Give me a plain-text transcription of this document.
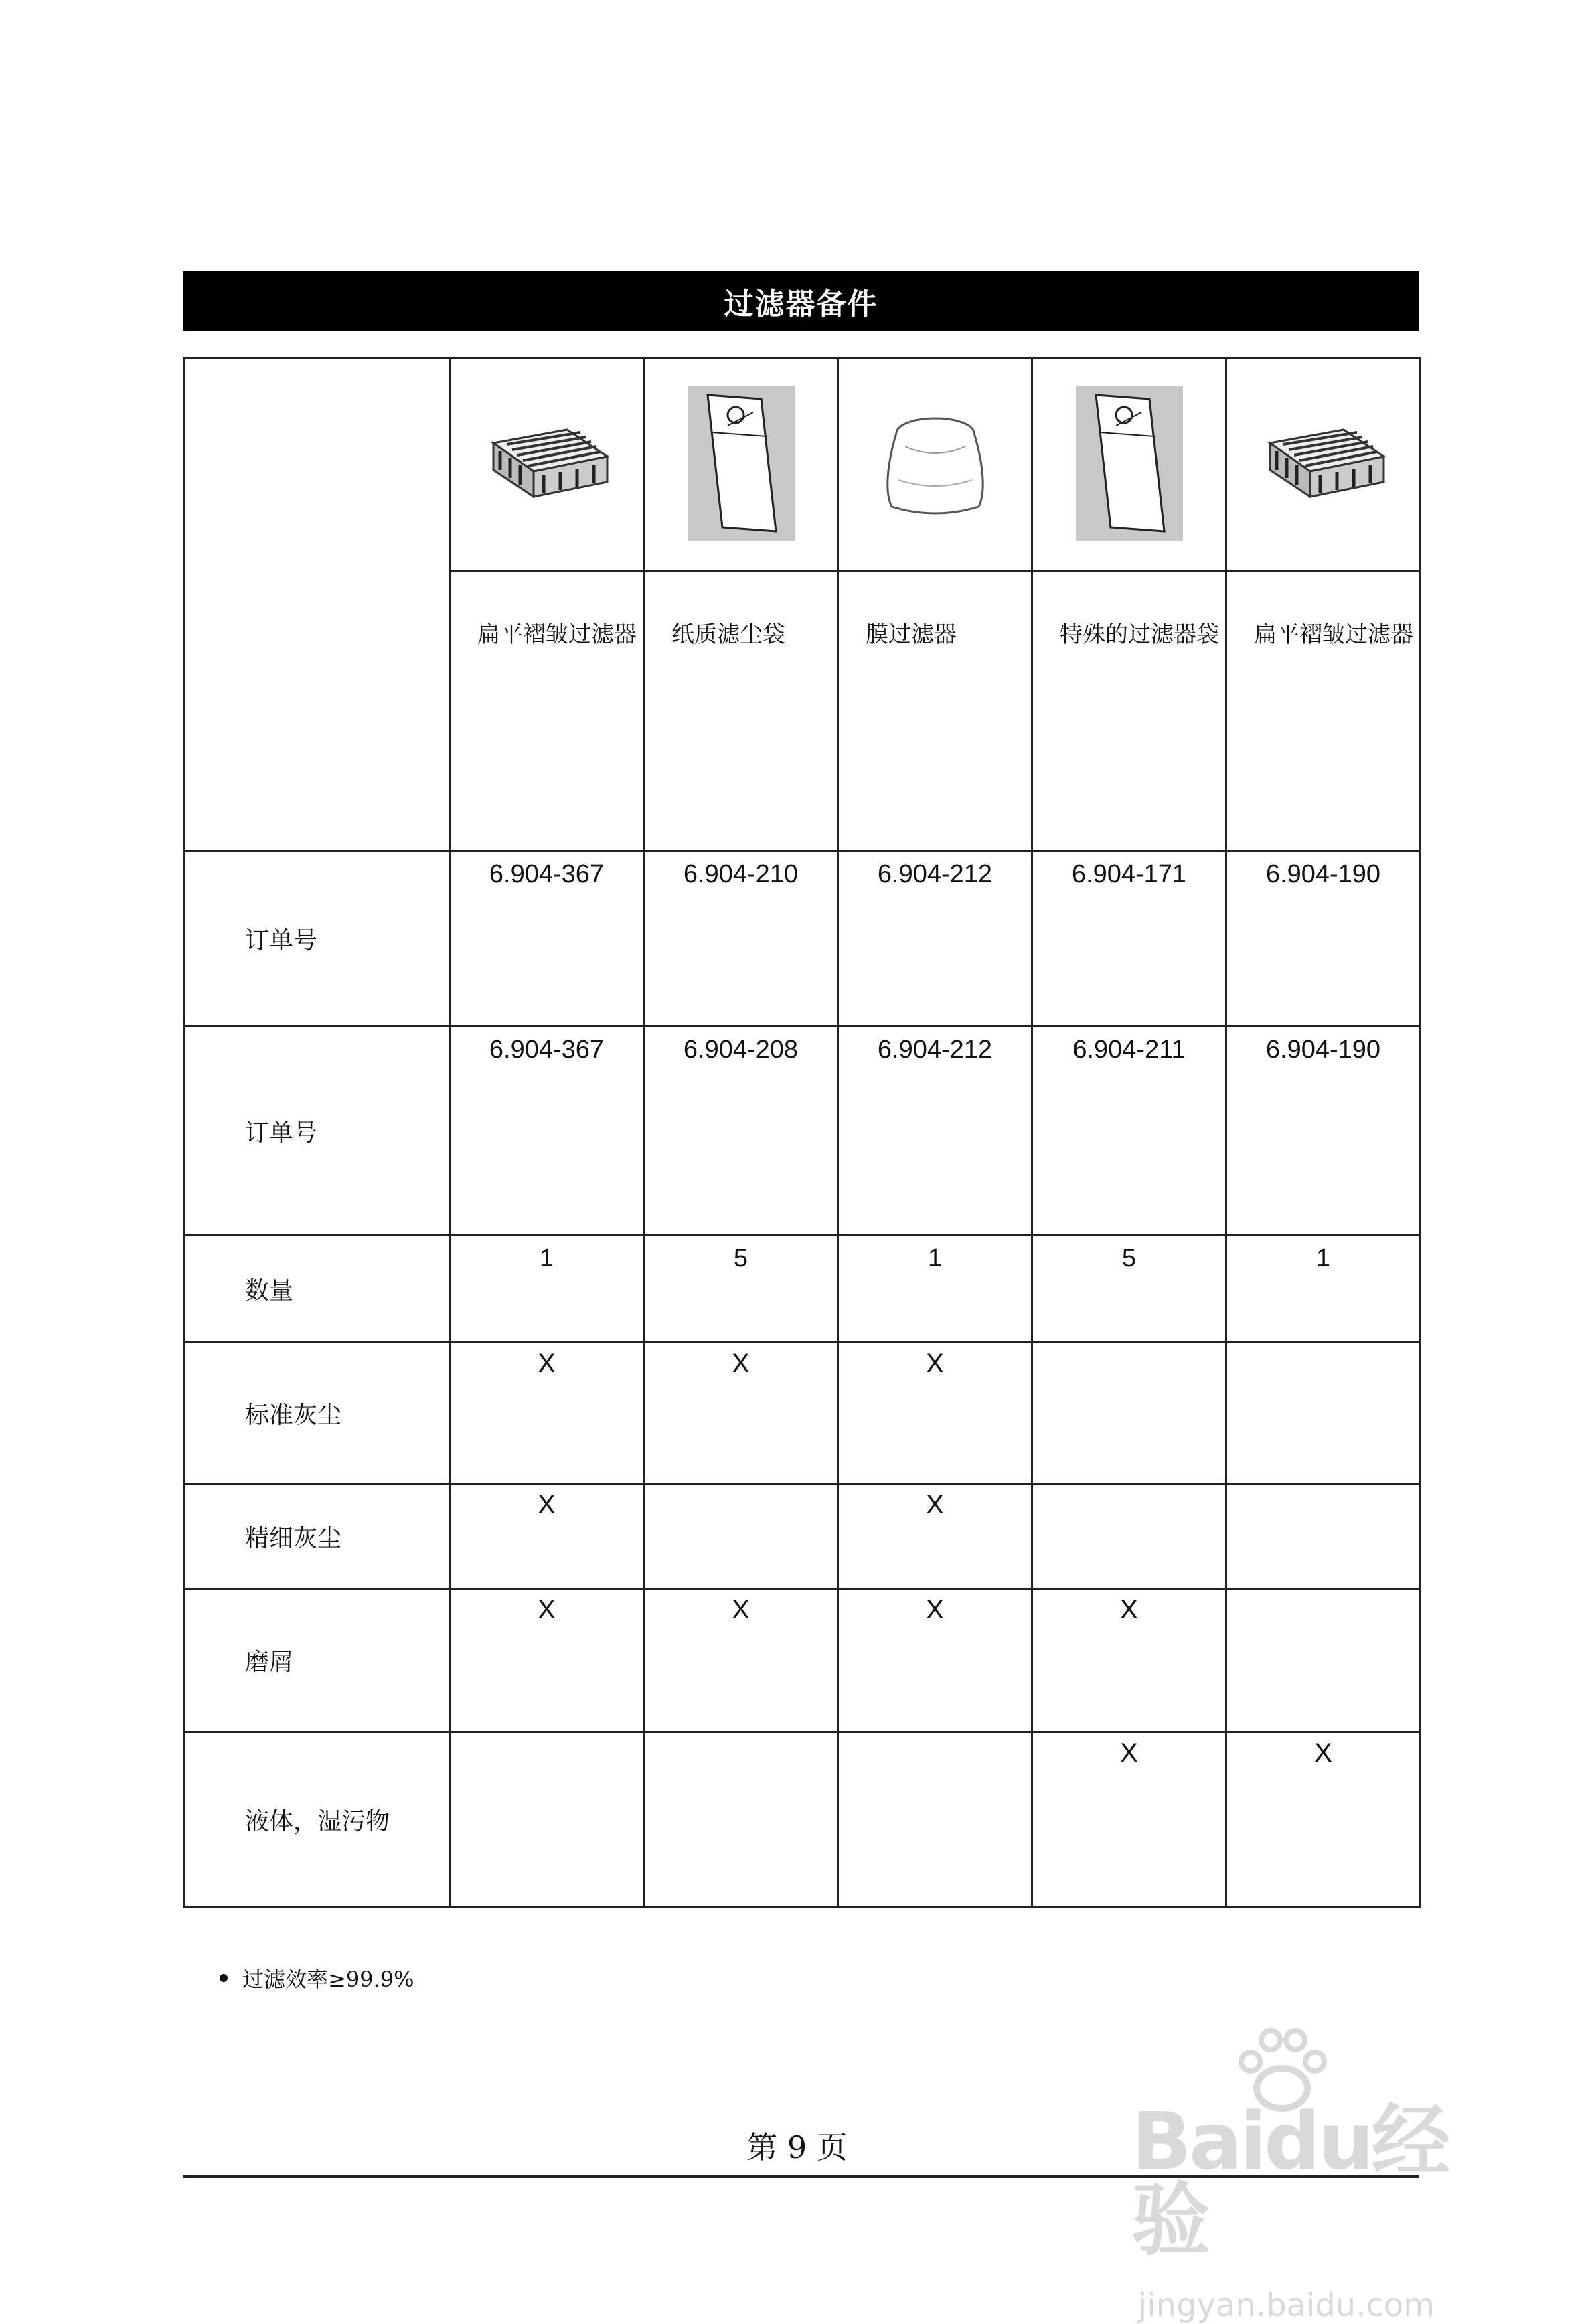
过滤器备件

	扁平褶皱过滤器	纸质滤尘袋	膜过滤器	特殊的过滤器袋	扁平褶皱过滤器
订单号	6.904-367	6.904-210	6.904-212	6.904-171	6.904-190
订单号	6.904-367	6.904-208	6.904-212	6.904-211	6.904-190
数量	1	5	1	5	1
标准灰尘	X	X	X		
精细灰尘	X		X		
磨屑	X	X	X	X	
液体，湿污物				X	X
过滤效率≥99.9%
第 9 页	Baidu经验
jingyan.baidu.com
